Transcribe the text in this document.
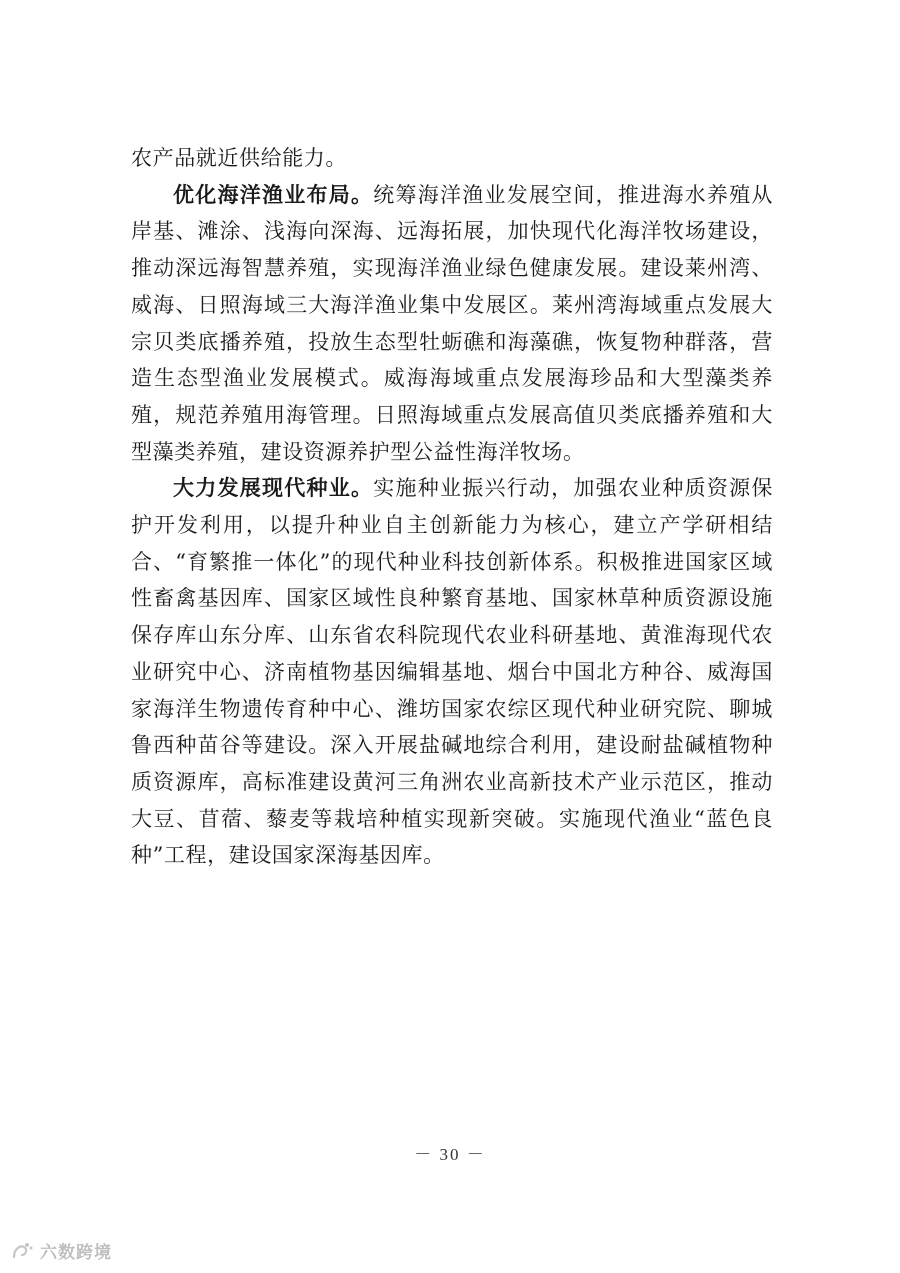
农产品就近供给能力。

优化海洋渔业布局。统筹海洋渔业发展空间，推进海水养殖从岸基、滩涂、浅海向深海、远海拓展，加快现代化海洋牧场建设，推动深远海智慧养殖，实现海洋渔业绿色健康发展。建设莱州湾、威海、日照海域三大海洋渔业集中发展区。莱州湾海域重点发展大宗贝类底播养殖，投放生态型牡蛎礁和海藻礁，恢复物种群落，营造生态型渔业发展模式。威海海域重点发展海珍品和大型藻类养殖，规范养殖用海管理。日照海域重点发展高值贝类底播养殖和大型藻类养殖，建设资源养护型公益性海洋牧场。

大力发展现代种业。实施种业振兴行动，加强农业种质资源保护开发利用，以提升种业自主创新能力为核心，建立产学研相结合、“育繁推一体化”的现代种业科技创新体系。积极推进国家区域性畜禽基因库、国家区域性良种繁育基地、国家林草种质资源设施保存库山东分库、山东省农科院现代农业科研基地、黄淮海现代农业研究中心、济南植物基因编辑基地、烟台中国北方种谷、威海国家海洋生物遗传育种中心、潍坊国家农综区现代种业研究院、聊城鲁西种苗谷等建设。深入开展盐碱地综合利用，建设耐盐碱植物种质资源库，高标准建设黄河三角洲农业高新技术产业示范区，推动大豆、苜蓿、藜麦等栽培种植实现新突破。实施现代渔业“蓝色良种”工程，建设国家深海基因库。

－ 30 －
六数跨境
